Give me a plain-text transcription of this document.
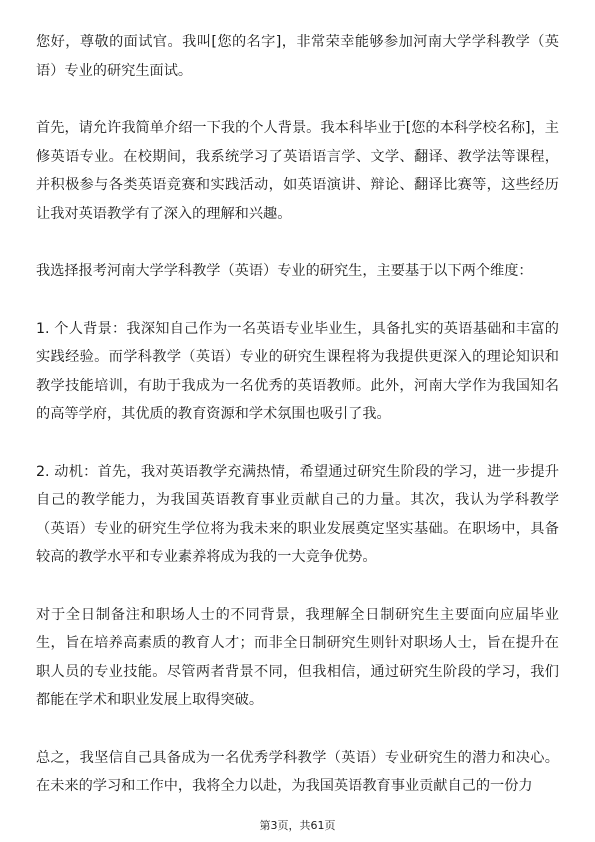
您好，尊敬的面试官。我叫[您的名字]，非常荣幸能够参加河南大学学科教学（英语）专业的研究生面试。

首先，请允许我简单介绍一下我的个人背景。我本科毕业于[您的本科学校名称]，主修英语专业。在校期间，我系统学习了英语语言学、文学、翻译、教学法等课程，并积极参与各类英语竞赛和实践活动，如英语演讲、辩论、翻译比赛等，这些经历让我对英语教学有了深入的理解和兴趣。

我选择报考河南大学学科教学（英语）专业的研究生，主要基于以下两个维度：

1. 个人背景：我深知自己作为一名英语专业毕业生，具备扎实的英语基础和丰富的实践经验。而学科教学（英语）专业的研究生课程将为我提供更深入的理论知识和教学技能培训，有助于我成为一名优秀的英语教师。此外，河南大学作为我国知名的高等学府，其优质的教育资源和学术氛围也吸引了我。

2. 动机：首先，我对英语教学充满热情，希望通过研究生阶段的学习，进一步提升自己的教学能力，为我国英语教育事业贡献自己的力量。其次，我认为学科教学（英语）专业的研究生学位将为我未来的职业发展奠定坚实基础。在职场中，具备较高的教学水平和专业素养将成为我的一大竞争优势。

对于全日制备注和职场人士的不同背景，我理解全日制研究生主要面向应届毕业生，旨在培养高素质的教育人才；而非全日制研究生则针对职场人士，旨在提升在职人员的专业技能。尽管两者背景不同，但我相信，通过研究生阶段的学习，我们都能在学术和职业发展上取得突破。

总之，我坚信自己具备成为一名优秀学科教学（英语）专业研究生的潜力和决心。在未来的学习和工作中，我将全力以赴，为我国英语教育事业贡献自己的一份力

第3页，共61页
